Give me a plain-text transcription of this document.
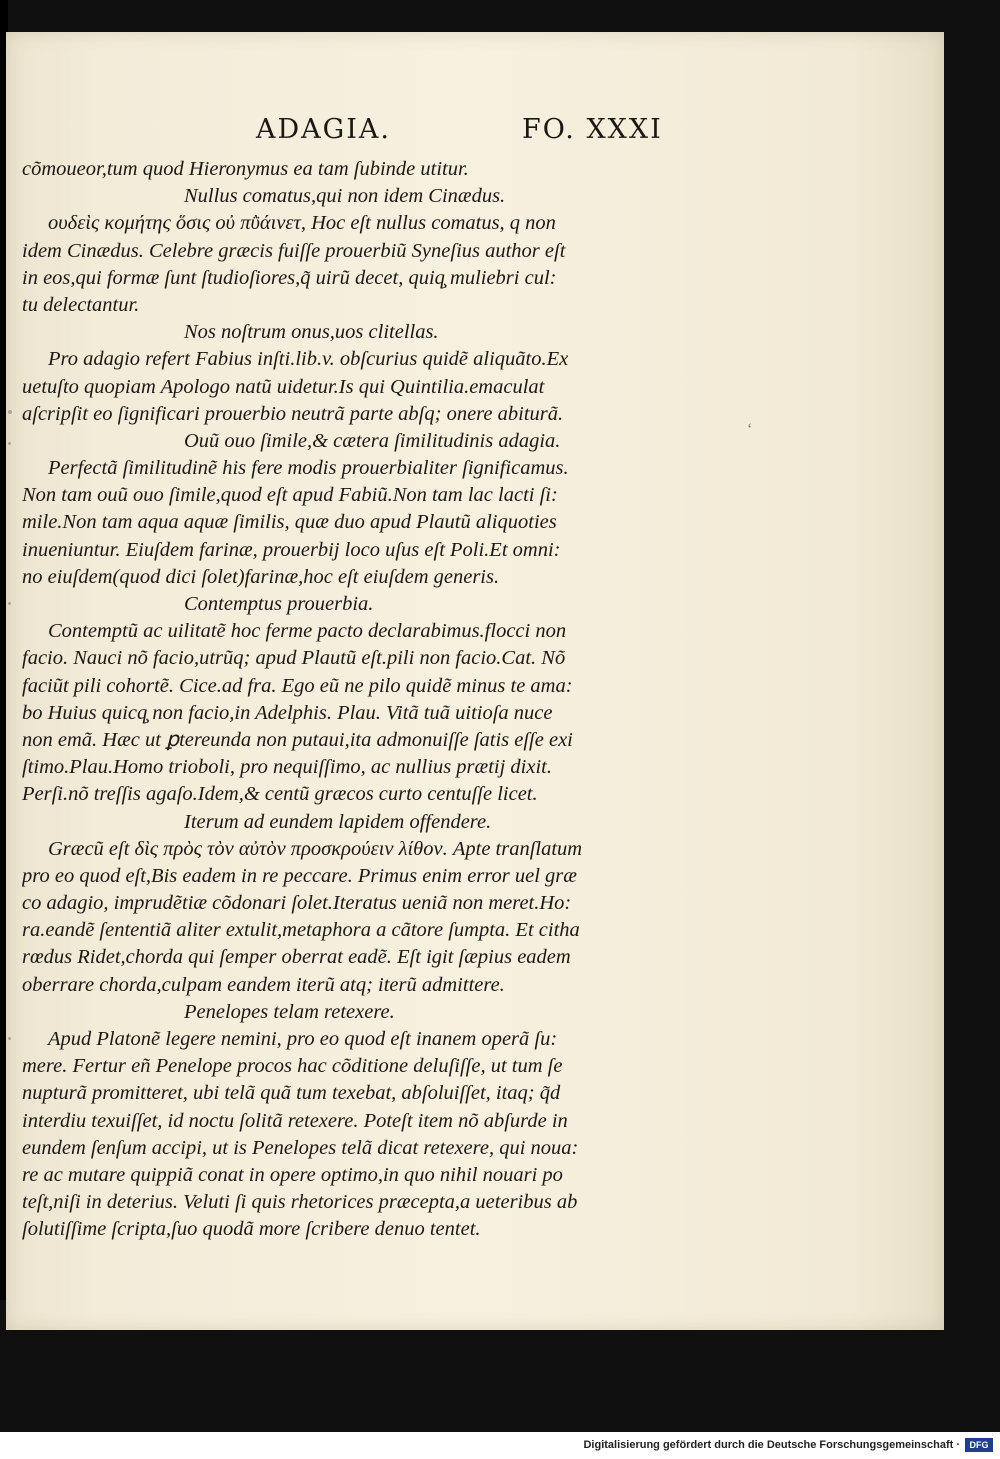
ADAGIA.	FO. XXXI
cõmoueor,tum quod Hieronymus ea tam ſubinde utitur.
Nullus comatus,qui non idem Cinædus.
ουδεὶς κομήτης ὅσις οὐ πῢάινετ, Hoc eſt nullus comatus, q non
idem Cinædus. Celebre græcis fuiſſe prouerbiũ Syneſius author eſt
in eos,qui formæ ſunt ſtudioſiores,q̃ uirũ decet, quiq̧ muliebri cul:
tu delectantur.
Nos noſtrum onus,uos clitellas.
Pro adagio refert Fabius inſti.lib.v. obſcurius quidẽ aliquãto.Ex
uetuſto quopiam Apologo natũ uidetur.Is qui Quintilia.emaculat
aſcripſit eo ſignificari prouerbio neutrã parte abſq; onere abiturã.
Ouũ ouo ſimile,& cætera ſimilitudinis adagia.
Perfectã ſimilitudinẽ his fere modis prouerbialiter ſignificamus.
Non tam ouũ ouo ſimile,quod eſt apud Fabiũ.Non tam lac lacti ſi:
mile.Non tam aqua aquæ ſimilis, quæ duo apud Plautũ aliquoties
inueniuntur. Eiuſdem farinæ, prouerbij loco uſus eſt Poli.Et omni:
no eiuſdem(quod dici ſolet)farinæ,hoc eſt eiuſdem generis.
Contemptus prouerbia.
Contemptũ ac uilitatẽ hoc ferme pacto declarabimus.flocci non
facio. Nauci nõ facio,utrũq; apud Plautũ eſt.pili non facio.Cat. Nõ
faciũt pili cohortẽ. Cice.ad fra. Ego eũ ne pilo quidẽ minus te ama:
bo Huius quicq̧ non facio,in Adelphis. Plau. Vitã tuã uitioſa nuce
non emã. Hæc ut ꝑtereunda non putaui,ita admonuiſſe ſatis eſſe exi
ſtimo.Plau.Homo trioboli, pro nequiſſimo, ac nullius prætij dixit.
Perſi.nõ treſſis agaſo.Idem,& centũ græcos curto centuſſe licet.
Iterum ad eundem lapidem offendere.
Græcũ eſt δὶς πρὸς τὸν αὐτὸν προσκρούειν λίθον. Apte tranſlatum
pro eo quod eſt,Bis eadem in re peccare. Primus enim error uel græ
co adagio, imprudẽtiæ cõdonari ſolet.Iteratus ueniã non meret.Ho:
ra.eandẽ ſententiã aliter extulit,metaphora a cãtore ſumpta. Et citha
rœdus Ridet,chorda qui ſemper oberrat eadẽ. Eſt igit ſæpius eadem
oberrare chorda,culpam eandem iterũ atq; iterũ admittere.
Penelopes telam retexere.
Apud Platonẽ legere nemini, pro eo quod eſt inanem operã ſu:
mere. Fertur eñ Penelope procos hac cõditione deluſiſſe, ut tum ſe
nupturã promitteret, ubi telã quã tum texebat, abſoluiſſet, itaq; q̃d
interdiu texuiſſet, id noctu ſolitã retexere. Poteſt item nõ abſurde in
eundem ſenſum accipi, ut is Penelopes telã dicat retexere, qui noua:
re ac mutare quippiã conat in opere optimo,in quo nihil nouari po
teſt,niſi in deterius. Veluti ſi quis rhetorices præcepta,a ueteribus ab
ſolutiſſime ſcripta,ſuo quodã more ſcribere denuo tentet.
‘
Digitalisierung gefördert durch die Deutsche Forschungsgemeinschaft ·	DFG
